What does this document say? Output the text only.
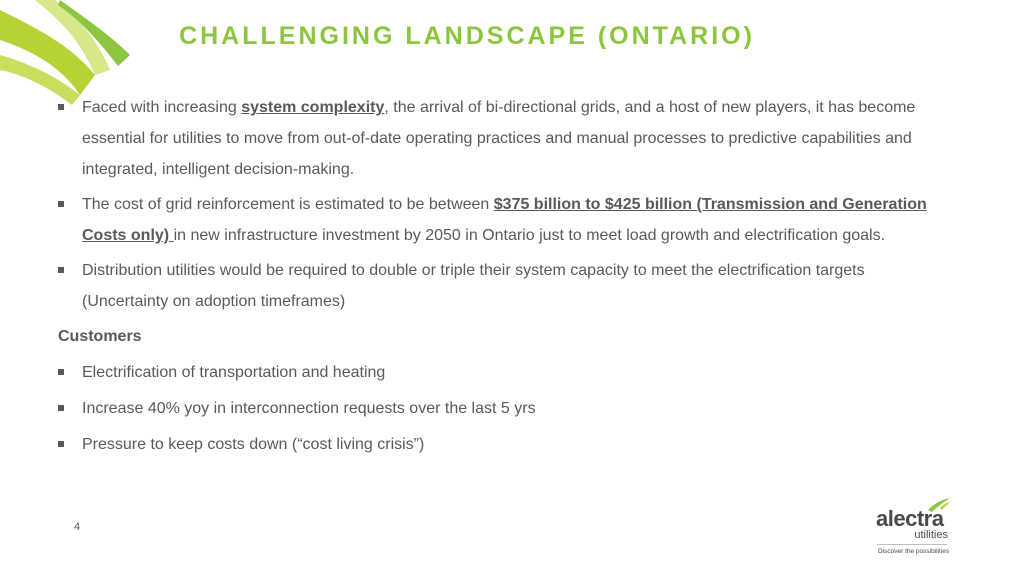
CHALLENGING LANDSCAPE (ONTARIO)
Faced with increasing system complexity, the arrival of bi-directional grids, and a host of new players, it has become essential for utilities to move from out-of-date operating practices and manual processes to predictive capabilities and integrated, intelligent decision-making.
The cost of grid reinforcement is estimated to be between $375 billion to $425 billion (Transmission and Generation Costs only) in new infrastructure investment by 2050 in Ontario just to meet load growth and electrification goals.
Distribution utilities would be required to double or triple their system capacity to meet the electrification targets (Uncertainty on adoption timeframes)
Customers
Electrification of transportation and heating
Increase 40% yoy in interconnection requests over the last 5 yrs
Pressure to keep costs down (“cost living crisis”)
4	alectra
utilities
Discover the possibilities
